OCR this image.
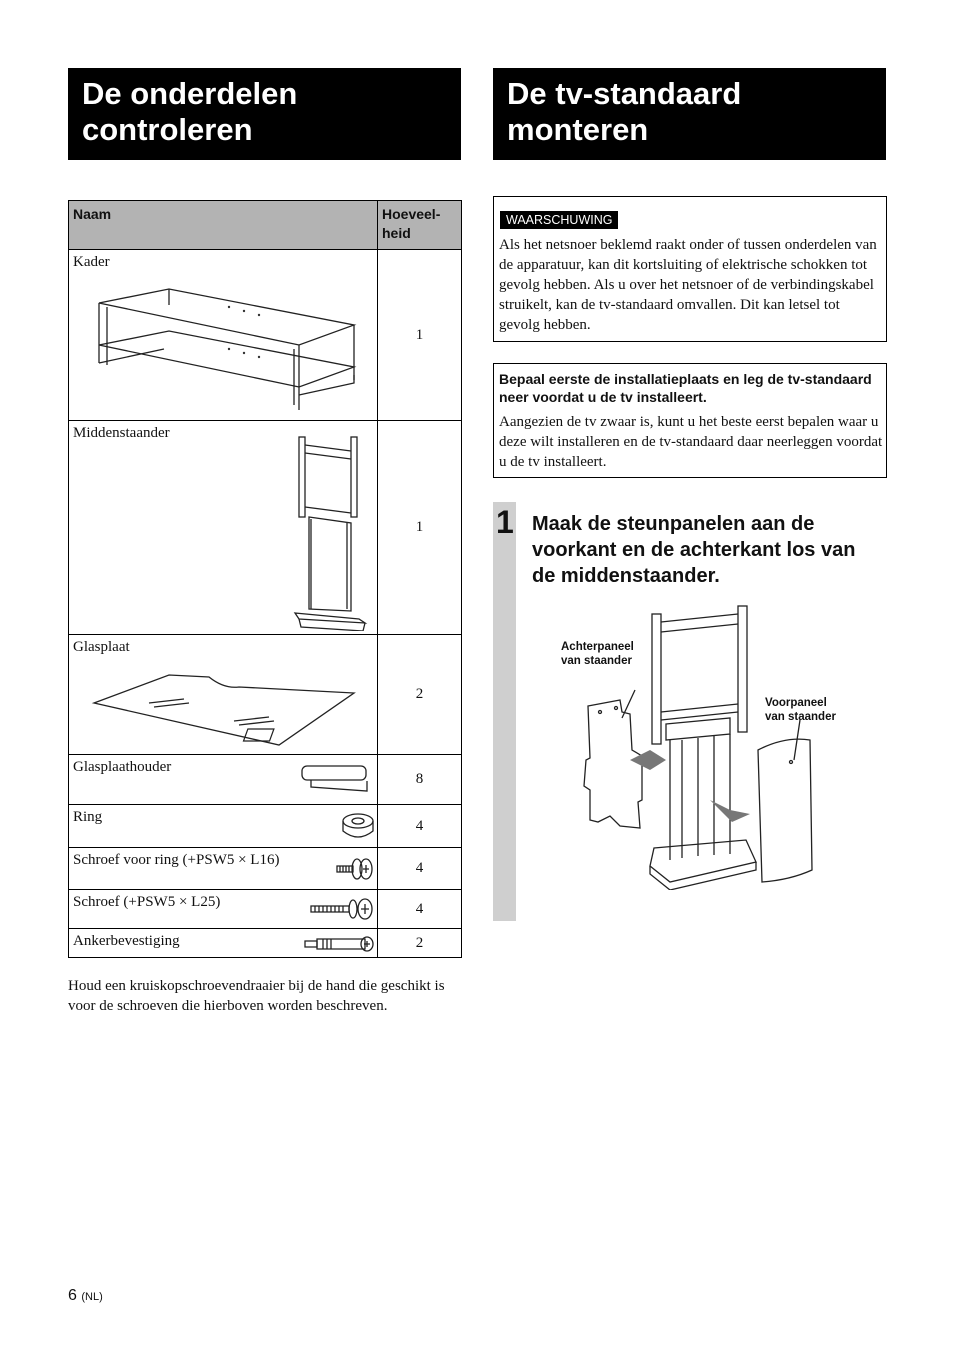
De onderdelen
controleren
De tv-standaard
monteren
Naam	Hoeveel-
heid
Kader	1
Middenstaander	1
Glasplaat	2
Glasplaathouder	8
Ring	4
Schroef voor ring (+PSW5 × L16)	4
Schroef (+PSW5 × L25)	4
Ankerbevestiging	2
Houd een kruiskopschroevendraaier bij de hand die geschikt is voor de schroeven die hierboven worden beschreven.
WAARSCHUWING
Als het netsnoer beklemd raakt onder of tussen onderdelen van de apparatuur, kan dit kortsluiting of elektrische schokken tot gevolg hebben. Als u over het netsnoer of de verbindingskabel struikelt, kan de tv-standaard omvallen. Dit kan letsel tot gevolg hebben.
Bepaal eerste de installatieplaats en leg de tv-standaard neer voordat u de tv installeert.
Aangezien de tv zwaar is, kunt u het beste eerst bepalen waar u deze wilt installeren en de tv-standaard daar neerleggen voordat u de tv installeert.
1 Maak de steunpanelen aan de voorkant en de achterkant los van de middenstaander.
Achterpaneel
van staander
Voorpaneel
van staander
6 (NL)
